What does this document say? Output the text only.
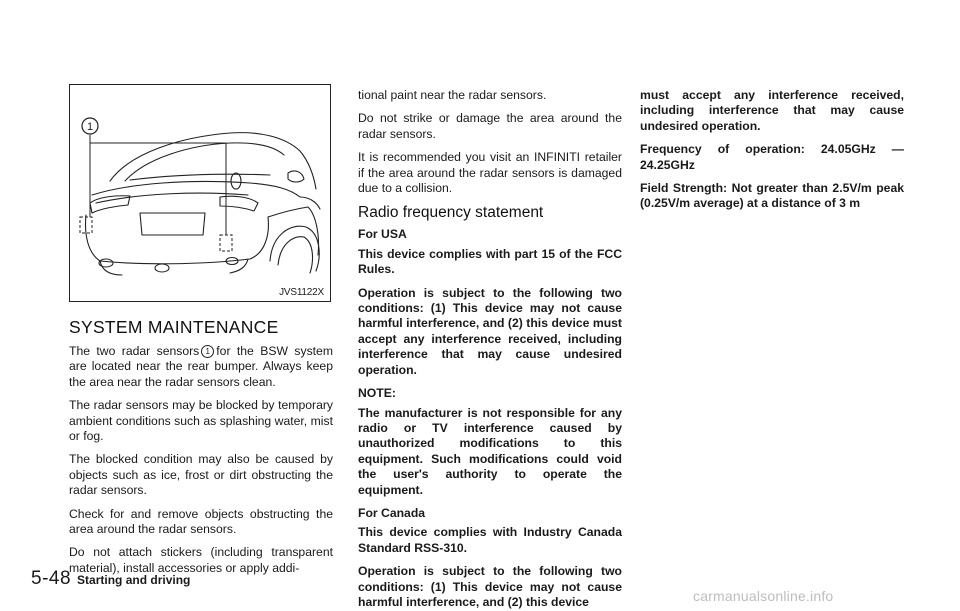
1
JVS1122X
SYSTEM MAINTENANCE

The two radar sensors 1 for the BSW system are located near the rear bumper. Always keep the area near the radar sensors clean.

The radar sensors may be blocked by temporary ambient conditions such as splashing water, mist or fog.

The blocked condition may also be caused by objects such as ice, frost or dirt obstructing the radar sensors.

Check for and remove objects obstructing the area around the radar sensors.

Do not attach stickers (including transparent material), install accessories or apply addi-

tional paint near the radar sensors.

Do not strike or damage the area around the radar sensors.

It is recommended you visit an INFINITI retailer if the area around the radar sensors is damaged due to a collision.

Radio frequency statement

For USA

This device complies with part 15 of the FCC Rules.

Operation is subject to the following two conditions: (1) This device may not cause harmful interference, and (2) this device must accept any interference received, including interference that may cause undesired operation.

NOTE:

The manufacturer is not responsible for any radio or TV interference caused by unauthorized modifications to this equipment. Such modifications could void the user's authority to operate the equipment.

For Canada

This device complies with Industry Canada Standard RSS-310.

Operation is subject to the following two conditions: (1) This device may not cause harmful interference, and (2) this device

must accept any interference received, including interference that may cause undesired operation.

Frequency of operation: 24.05GHz — 24.25GHz

Field Strength: Not greater than 2.5V/m peak (0.25V/m average) at a distance of 3 m

5-48 Starting and driving
carmanualsonline.info
